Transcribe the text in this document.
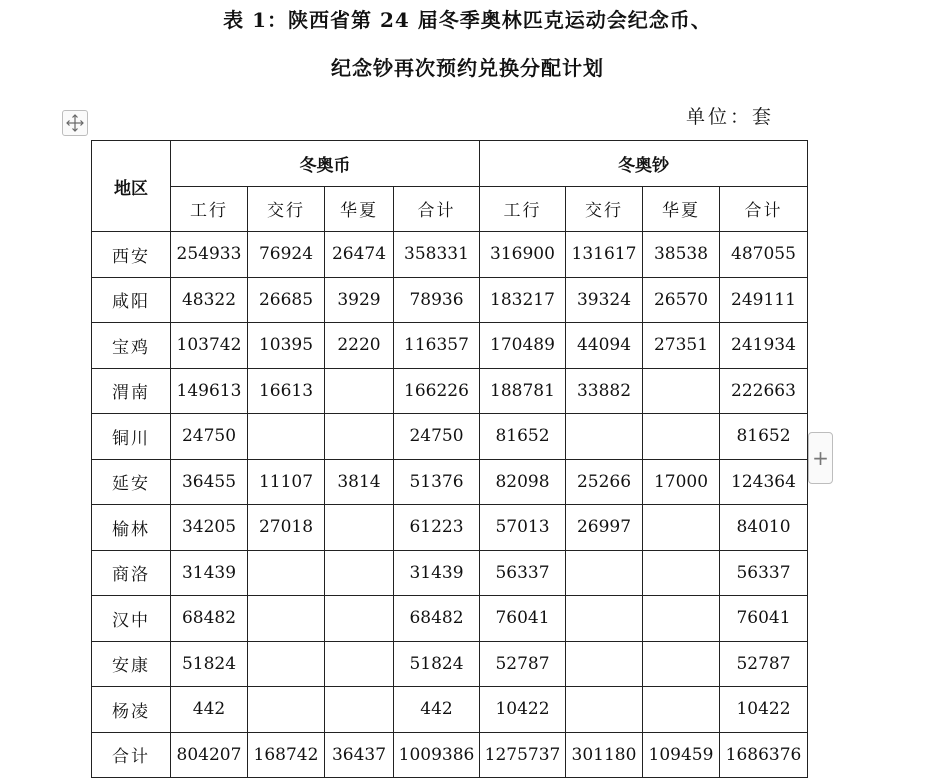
表 1：陕西省第 24 届冬季奥林匹克运动会纪念币、
纪念钞再次预约兑换分配计划
单位：套
+
地区	冬奥币				冬奥钞			
	工行	交行	华夏	合计	工行	交行	华夏	合计
西安	254933	76924	26474	358331	316900	131617	38538	487055
咸阳	48322	26685	3929	78936	183217	39324	26570	249111
宝鸡	103742	10395	2220	116357	170489	44094	27351	241934
渭南	149613	16613		166226	188781	33882		222663
铜川	24750			24750	81652			81652
延安	36455	11107	3814	51376	82098	25266	17000	124364
榆林	34205	27018		61223	57013	26997		84010
商洛	31439			31439	56337			56337
汉中	68482			68482	76041			76041
安康	51824			51824	52787			52787
杨凌	442			442	10422			10422
合计	804207	168742	36437	1009386	1275737	301180	109459	1686376
